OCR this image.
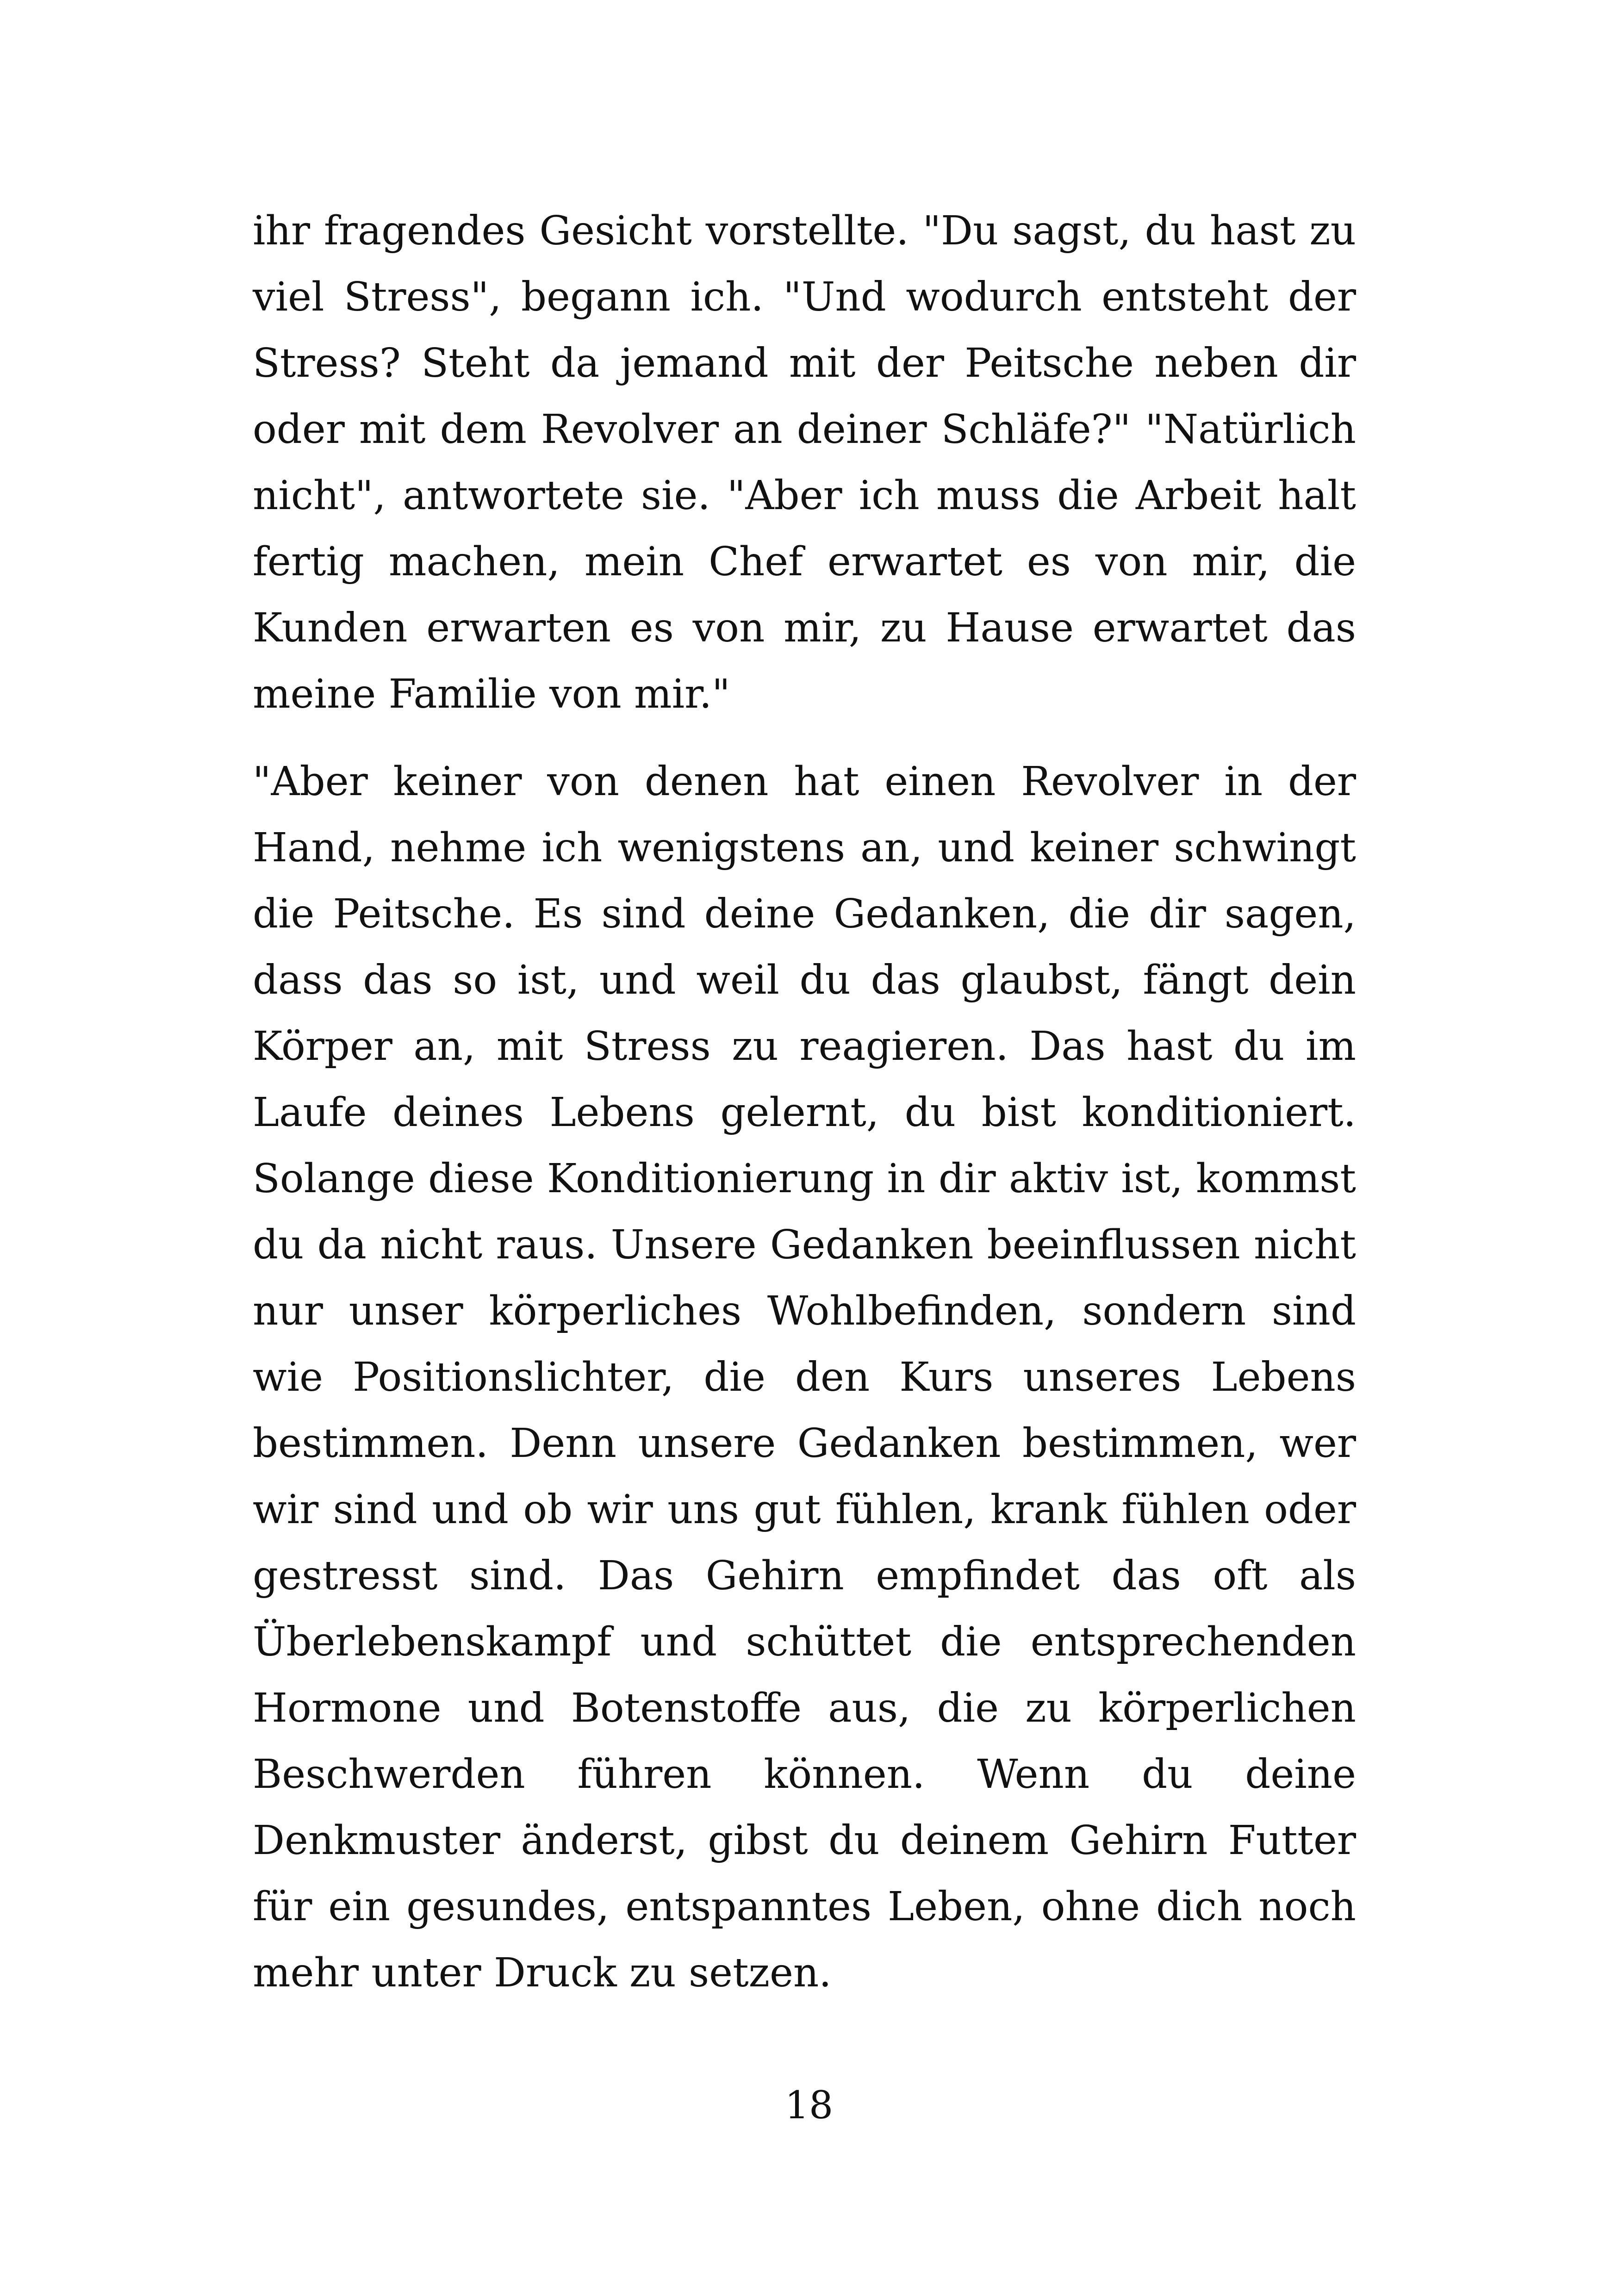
ihr fragendes Gesicht vorstellte. "Du sagst, du hast zu viel Stress", begann ich. "Und wodurch entsteht der Stress? Steht da jemand mit der Peitsche neben dir oder mit dem Revolver an deiner Schläfe?" "Natürlich nicht", antwortete sie. "Aber ich muss die Arbeit halt fertig machen, mein Chef erwartet es von mir, die Kunden erwarten es von mir, zu Hause erwartet das meine Familie von mir."

"Aber keiner von denen hat einen Revolver in der Hand, nehme ich wenigstens an, und keiner schwingt die Peitsche. Es sind deine Gedanken, die dir sagen, dass das so ist, und weil du das glaubst, fängt dein Körper an, mit Stress zu reagieren. Das hast du im Laufe deines Lebens gelernt, du bist konditioniert. Solange diese Konditionierung in dir aktiv ist, kommst du da nicht raus. Unsere Gedanken beeinflussen nicht nur unser körperliches Wohlbefinden, sondern sind wie Positionslichter, die den Kurs unseres Lebens bestimmen. Denn unsere Gedanken bestimmen, wer wir sind und ob wir uns gut fühlen, krank fühlen oder gestresst sind. Das Gehirn empfindet das oft als Überlebenskampf und schüttet die entsprechenden Hormone und Botenstoffe aus, die zu körperlichen Beschwerden führen können. Wenn du deine Denkmuster änderst, gibst du deinem Gehirn Futter für ein gesundes, entspanntes Leben, ohne dich noch mehr unter Druck zu setzen.

18
